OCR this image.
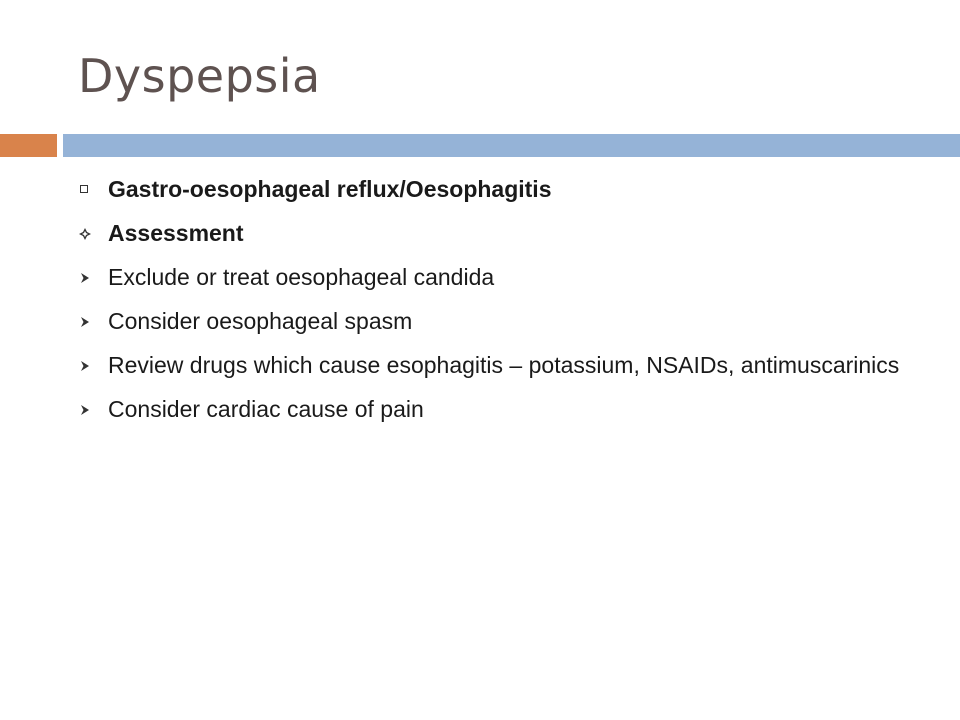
Dyspepsia
Gastro-oesophageal reflux/Oesophagitis
Assessment
Exclude or treat oesophageal candida
Consider oesophageal spasm
Review drugs which cause esophagitis – potassium, NSAIDs, antimuscarinics
Consider cardiac cause of pain
